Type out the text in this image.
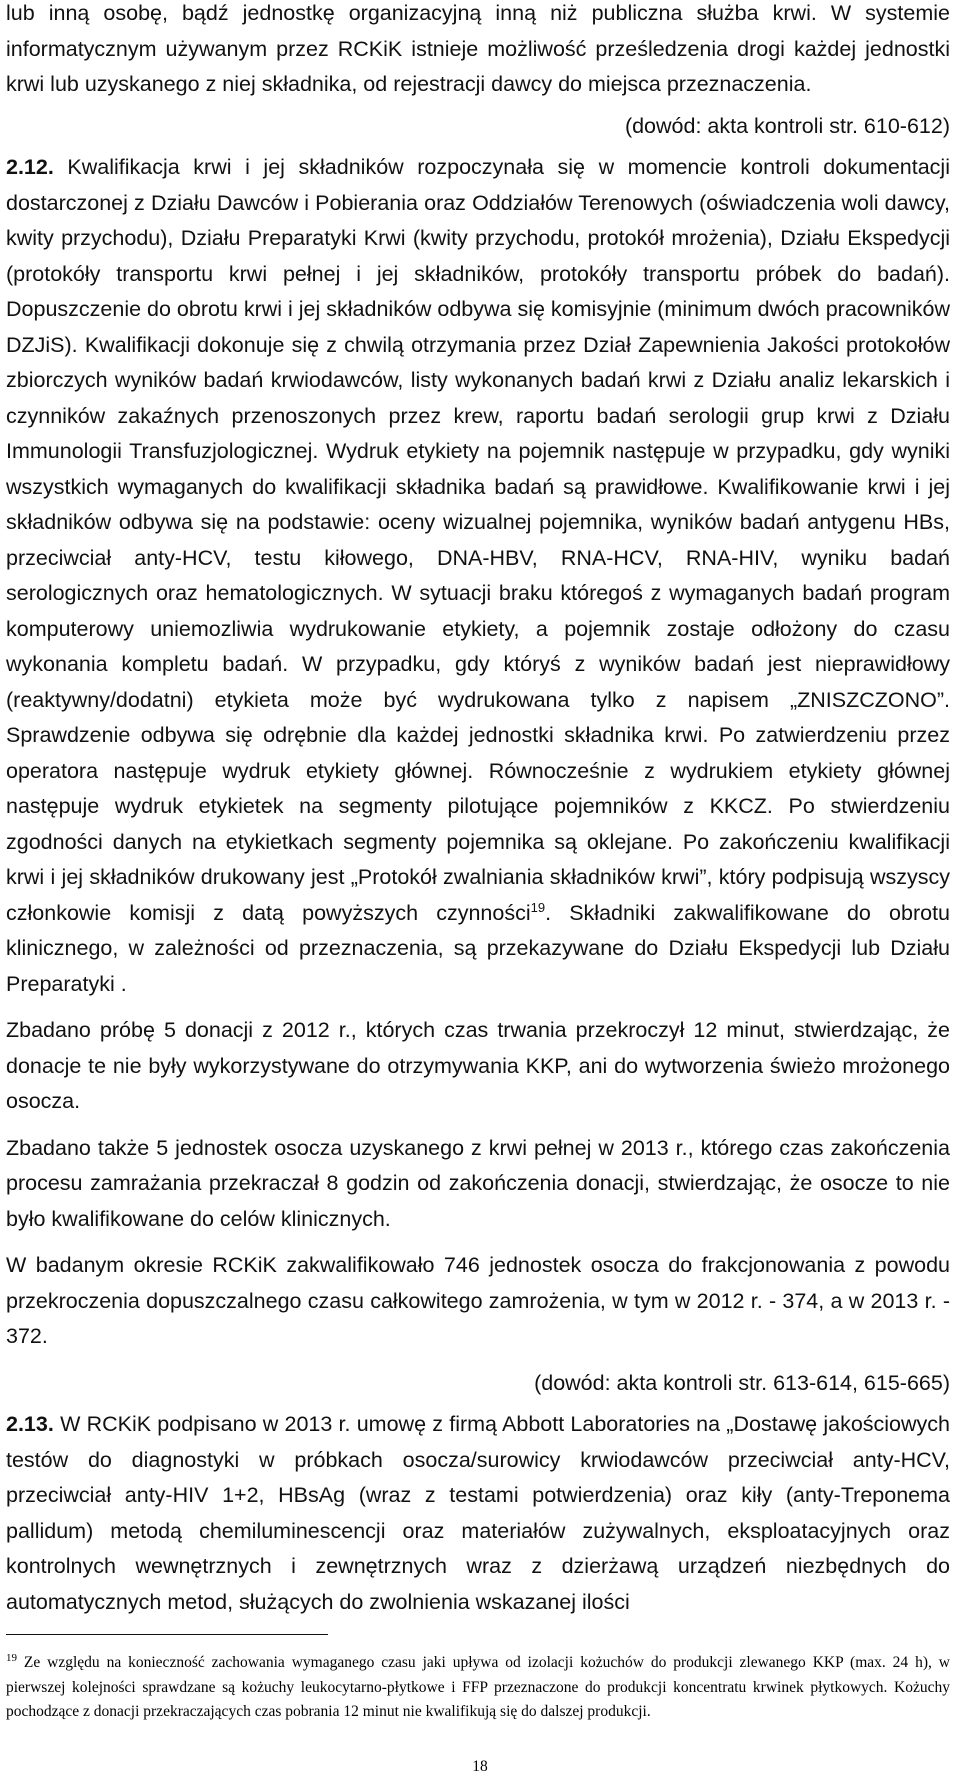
lub inną osobę, bądź jednostkę organizacyjną inną niż publiczna służba krwi. W systemie informatycznym używanym przez RCKiK istnieje możliwość prześledzenia drogi każdej jednostki krwi lub uzyskanego z niej składnika, od rejestracji dawcy do miejsca przeznaczenia.

(dowód: akta kontroli str. 610-612)

2.12. Kwalifikacja krwi i jej składników rozpoczynała się w momencie kontroli dokumentacji dostarczonej z Działu Dawców i Pobierania oraz Oddziałów Terenowych (oświadczenia woli dawcy, kwity przychodu), Działu Preparatyki Krwi (kwity przychodu, protokół mrożenia), Działu Ekspedycji (protokóły transportu krwi pełnej i jej składników, protokóły transportu próbek do badań). Dopuszczenie do obrotu krwi i jej składników odbywa się komisyjnie (minimum dwóch pracowników DZJiS). Kwalifikacji dokonuje się z chwilą otrzymania przez Dział Zapewnienia Jakości protokołów zbiorczych wyników badań krwiodawców, listy wykonanych badań krwi z Działu analiz lekarskich i czynników zakaźnych przenoszonych przez krew, raportu badań serologii grup krwi z Działu Immunologii Transfuzjologicznej. Wydruk etykiety na pojemnik następuje w przypadku, gdy wyniki wszystkich wymaganych do kwalifikacji składnika badań są prawidłowe. Kwalifikowanie krwi i jej składników odbywa się na podstawie: oceny wizualnej pojemnika, wyników badań antygenu HBs, przeciwciał anty-HCV, testu kiłowego, DNA-HBV, RNA-HCV, RNA-HIV, wyniku badań serologicznych oraz hematologicznych. W sytuacji braku któregoś z wymaganych badań program komputerowy uniemozliwia wydrukowanie etykiety, a pojemnik zostaje odłożony do czasu wykonania kompletu badań. W przypadku, gdy któryś z wyników badań jest nieprawidłowy (reaktywny/dodatni) etykieta może być wydrukowana tylko z napisem „ZNISZCZONO”. Sprawdzenie odbywa się odrębnie dla każdej jednostki składnika krwi. Po zatwierdzeniu przez operatora następuje wydruk etykiety głównej. Równocześnie z wydrukiem etykiety głównej następuje wydruk etykietek na segmenty pilotujące pojemników z KKCZ. Po stwierdzeniu zgodności danych na etykietkach segmenty pojemnika są oklejane. Po zakończeniu kwalifikacji krwi i jej składników drukowany jest „Protokół zwalniania składników krwi”, który podpisują wszyscy członkowie komisji z datą powyższych czynności$^{19}$. Składniki zakwalifikowane do obrotu klinicznego, w zależności od przeznaczenia, są przekazywane do Działu Ekspedycji lub Działu Preparatyki .

Zbadano próbę 5 donacji z 2012 r., których czas trwania przekroczył 12 minut, stwierdzając, że donacje te nie były wykorzystywane do otrzymywania KKP, ani do wytworzenia świeżo mrożonego osocza.

Zbadano także 5 jednostek osocza uzyskanego z krwi pełnej w 2013 r., którego czas zakończenia procesu zamrażania przekraczał 8 godzin od zakończenia donacji, stwierdzając, że osocze to nie było kwalifikowane do celów klinicznych.

W badanym okresie RCKiK zakwalifikowało 746 jednostek osocza do frakcjonowania z powodu przekroczenia dopuszczalnego czasu całkowitego zamrożenia, w tym w 2012 r. - 374, a w 2013 r. - 372.

(dowód: akta kontroli str. 613-614, 615-665)

2.13. W RCKiK podpisano w 2013 r. umowę z firmą Abbott Laboratories na „Dostawę jakościowych testów do diagnostyki w próbkach osocza/surowicy krwiodawców przeciwciał anty-HCV, przeciwciał anty-HIV 1+2, HBsAg (wraz z testami potwierdzenia) oraz kiły (anty-Treponema pallidum) metodą chemiluminescencji oraz materiałów zużywalnych, eksploatacyjnych oraz kontrolnych wewnętrznych i zewnętrznych wraz z dzierżawą urządzeń niezbędnych do automatycznych metod, służących do zwolnienia wskazanej ilości

$^{19}$ Ze względu na konieczność zachowania wymaganego czasu jaki upływa od izolacji kożuchów do produkcji zlewanego KKP (max. 24 h), w pierwszej kolejności sprawdzane są kożuchy leukocytarno-płytkowe i FFP przeznaczone do produkcji koncentratu krwinek płytkowych. Kożuchy pochodzące z donacji przekraczających czas pobrania 12 minut nie kwalifikują się do dalszej produkcji.

18
